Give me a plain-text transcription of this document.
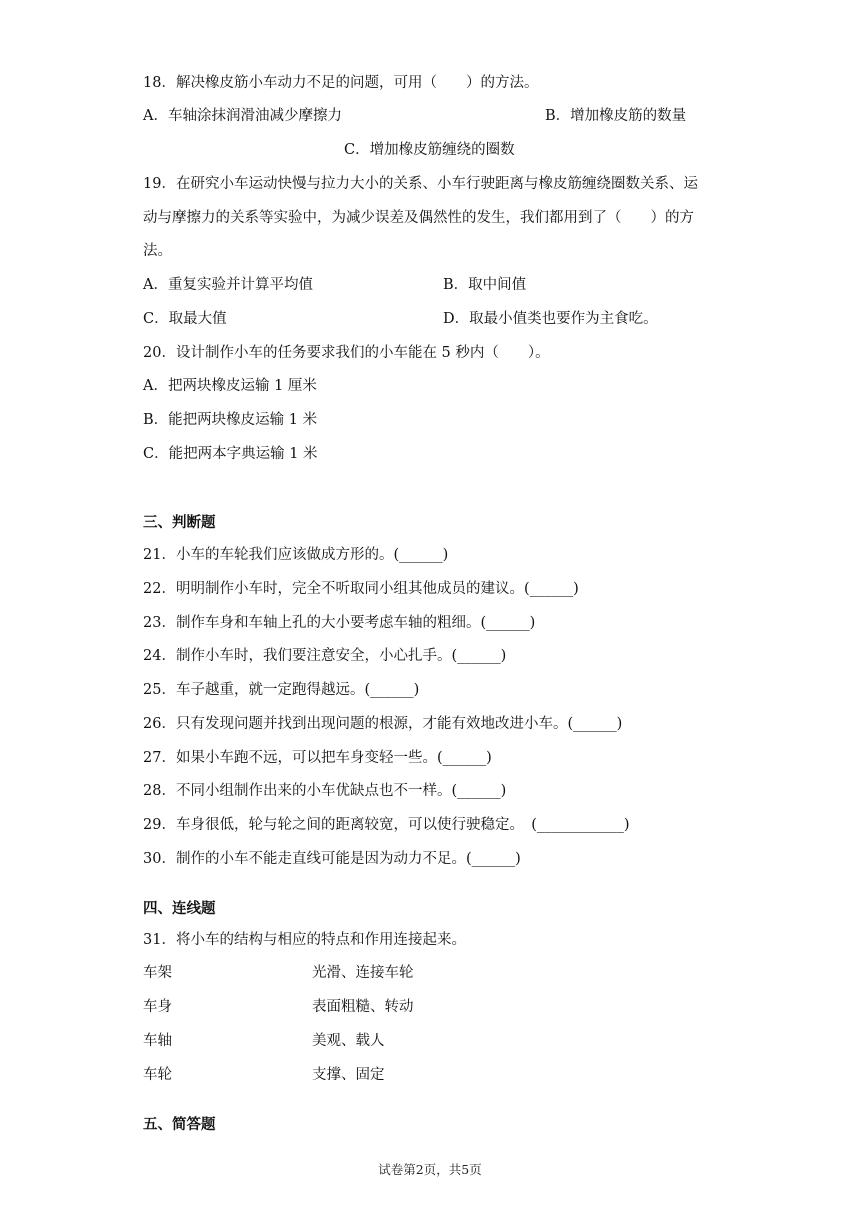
18．解决橡皮筋小车动力不足的问题，可用（　　）的方法。
A．车轴涂抹润滑油减少摩擦力	B．增加橡皮筋的数量
C．增加橡皮筋缠绕的圈数
19．在研究小车运动快慢与拉力大小的关系、小车行驶距离与橡皮筋缠绕圈数关系、运
动与摩擦力的关系等实验中，为减少误差及偶然性的发生，我们都用到了（　　）的方
法。
A．重复实验并计算平均值	B．取中间值
C．取最大值	D．取最小值类也要作为主食吃。
20．设计制作小车的任务要求我们的小车能在 5 秒内（　　）。
A．把两块橡皮运输 1 厘米
B．能把两块橡皮运输 1 米
C．能把两本字典运输 1 米
三、判断题
21．小车的车轮我们应该做成方形的。(______)
22．明明制作小车时，完全不听取同小组其他成员的建议。(______)
23．制作车身和车轴上孔的大小要考虑车轴的粗细。(______)
24．制作小车时，我们要注意安全，小心扎手。(______)
25．车子越重，就一定跑得越远。(______)
26．只有发现问题并找到出现问题的根源，才能有效地改进小车。(______)
27．如果小车跑不远，可以把车身变轻一些。(______)
28．不同小组制作出来的小车优缺点也不一样。(______)
29．车身很低，轮与轮之间的距离较宽，可以使行驶稳定。　(____________)
30．制作的小车不能走直线可能是因为动力不足。(______)
四、连线题
31．将小车的结构与相应的特点和作用连接起来。
车架	光滑、连接车轮
车身	表面粗糙、转动
车轴	美观、载人
车轮	支撑、固定
五、简答题
试卷第2页，共5页
